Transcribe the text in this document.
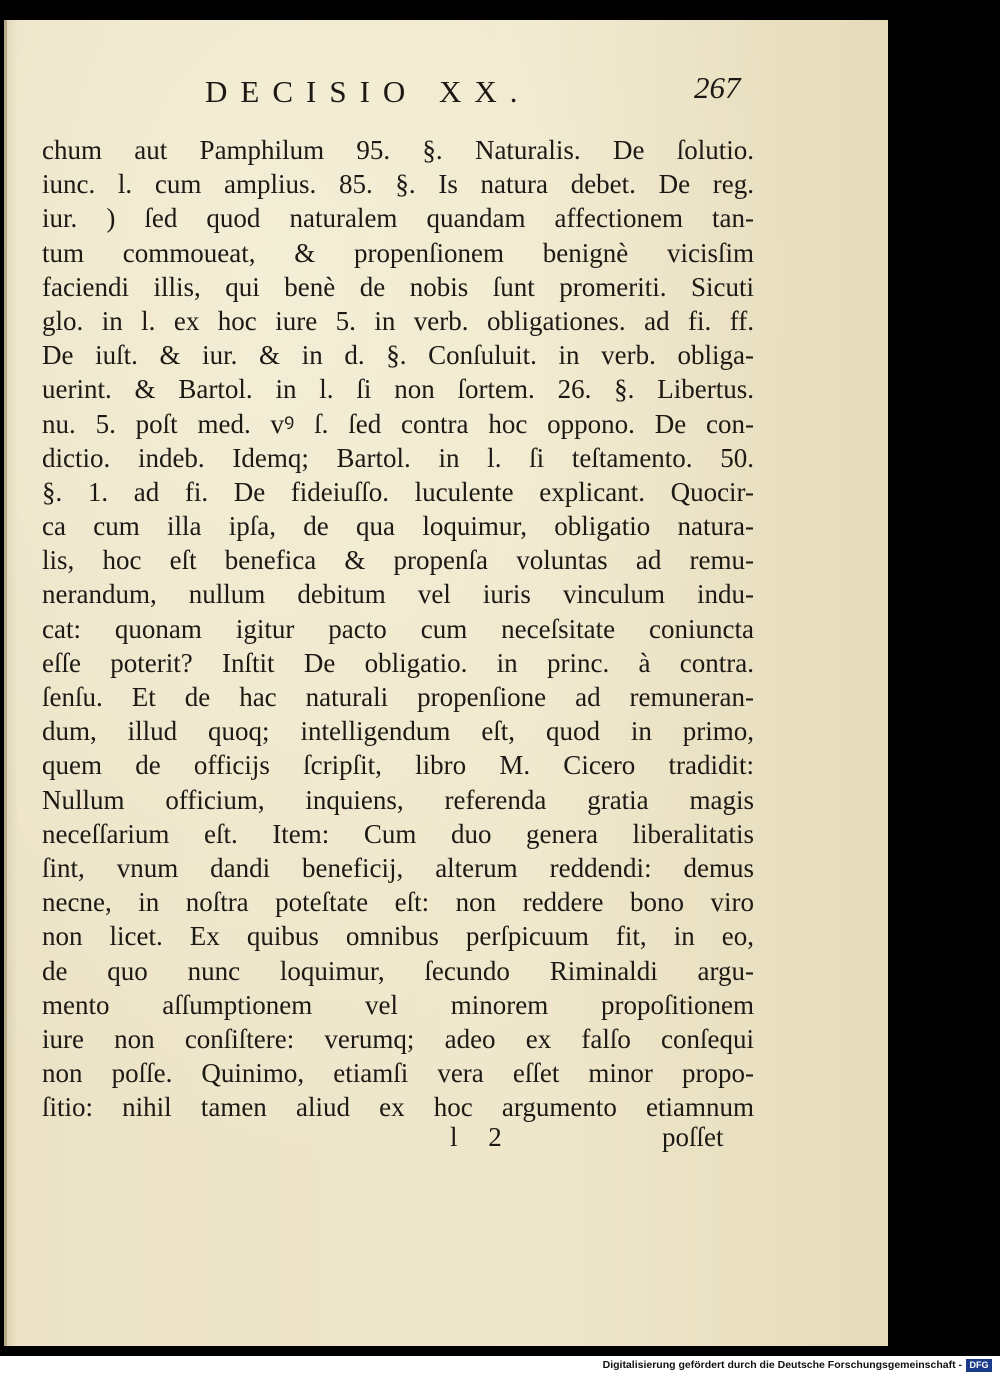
DECISIO XX.	267
chum aut Pamphilum 95. §. Naturalis. De ſolutio.
iunc. l. cum amplius. 85. §. Is natura debet. De reg.
iur. ) ſed quod naturalem quandam affectionem tan-
tum commoueat, & propenſionem benignè vicisſim
faciendi illis, qui benè de nobis ſunt promeriti. Sicuti
glo. in l. ex hoc iure 5. in verb. obligationes. ad fi. ff.
De iuſt. & iur. & in d. §. Conſuluit. in verb. obliga-
uerint. & Bartol. in l. ſi non ſortem. 26. §. Libertus.
nu. 5. poſt med. vꝰ ſ. ſed contra hoc oppono. De con-
dictio. indeb. Idemq; Bartol. in l. ſi teſtamento. 50.
§. 1. ad fi. De fideiuſſo. luculente explicant. Quocir-
ca cum illa ipſa, de qua loquimur, obligatio natura-
lis, hoc eſt benefica & propenſa voluntas ad remu-
nerandum, nullum debitum vel iuris vinculum indu-
cat: quonam igitur pacto cum neceſsitate coniuncta
eſſe poterit? Inſtit De obligatio. in princ. à contra.
ſenſu. Et de hac naturali propenſione ad remuneran-
dum, illud quoq; intelligendum eſt, quod in primo,
quem de officijs ſcripſit, libro M. Cicero tradidit:
Nullum officium, inquiens, referenda gratia magis
neceſſarium eſt. Item: Cum duo genera liberalitatis
ſint, vnum dandi beneficij, alterum reddendi: demus
necne, in noſtra poteſtate eſt: non reddere bono viro
non licet. Ex quibus omnibus perſpicuum fit, in eo,
de quo nunc loquimur, ſecundo Riminaldi argu-
mento aſſumptionem vel minorem propoſitionem
iure non conſiſtere: verumq; adeo ex falſo conſequi
non poſſe. Quinimo, etiamſi vera eſſet minor propo-
ſitio: nihil tamen aliud ex hoc argumento etiamnum
l 2	poſſet
Digitalisierung gefördert durch die Deutsche Forschungsgemeinschaft - DFG
